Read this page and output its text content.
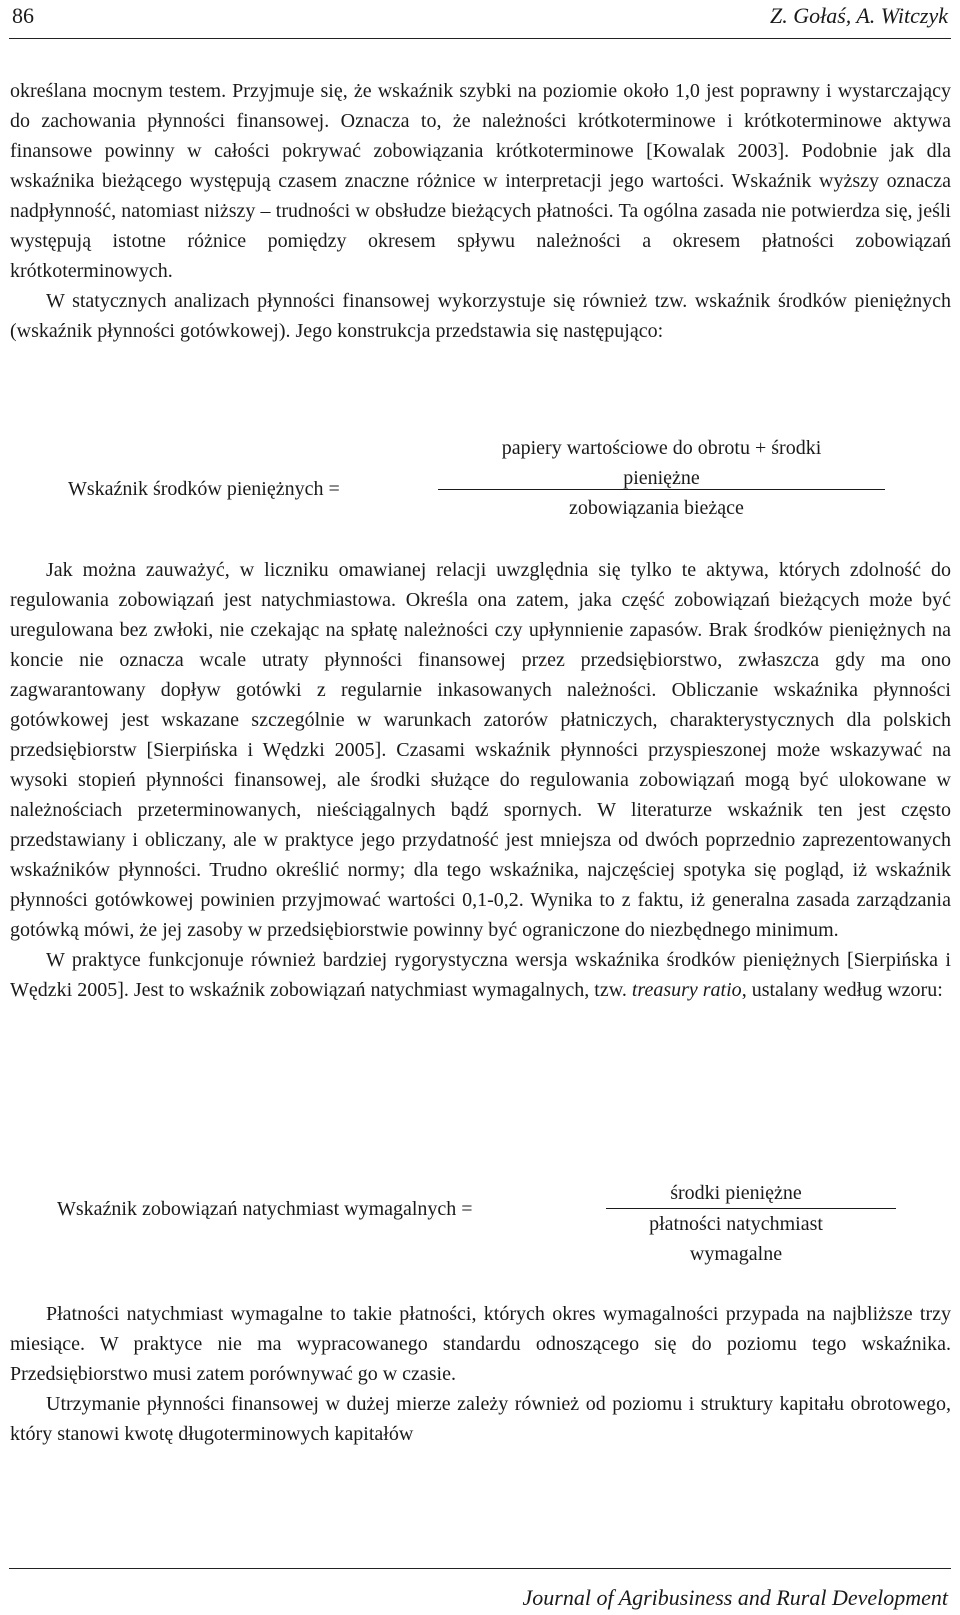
86	Z. Gołaś, A. Witczyk

określana mocnym testem. Przyjmuje się, że wskaźnik szybki na poziomie około 1,0 jest poprawny i wystarczający do zachowania płynności finansowej. Oznacza to, że należności krótkoterminowe i krótkoterminowe aktywa finansowe powinny w całości pokrywać zobowiązania krótkoterminowe [Kowalak 2003]. Podobnie jak dla wskaźnika bieżącego występują czasem znaczne różnice w interpretacji jego wartości. Wskaźnik wyższy oznacza nadpłynność, natomiast niższy – trudności w obsłudze bieżących płatności. Ta ogólna zasada nie potwierdza się, jeśli występują istotne różnice pomiędzy okresem spływu należności a okresem płatności zobowiązań krótkoterminowych.

W statycznych analizach płynności finansowej wykorzystuje się również tzw. wskaźnik środków pieniężnych (wskaźnik płynności gotówkowej). Jego konstrukcja przedstawia się następująco:

Wskaźnik środków pieniężnych =
papiery wartościowe do obrotu + środki
pieniężne
zobowiązania bieżące

Jak można zauważyć, w liczniku omawianej relacji uwzględnia się tylko te aktywa, których zdolność do regulowania zobowiązań jest natychmiastowa. Określa ona zatem, jaka część zobowiązań bieżących może być uregulowana bez zwłoki, nie czekając na spłatę należności czy upłynnienie zapasów. Brak środków pieniężnych na koncie nie oznacza wcale utraty płynności finansowej przez przedsiębiorstwo, zwłaszcza gdy ma ono zagwarantowany dopływ gotówki z regularnie inkasowanych należności. Obliczanie wskaźnika płynności gotówkowej jest wskazane szczególnie w warunkach zatorów płatniczych, charakterystycznych dla polskich przedsiębiorstw [Sierpińska i Wędzki 2005]. Czasami wskaźnik płynności przyspieszonej może wskazywać na wysoki stopień płynności finansowej, ale środki służące do regulowania zobowiązań mogą być ulokowane w należnościach przeterminowanych, nieściągalnych bądź spornych. W literaturze wskaźnik ten jest często przedstawiany i obliczany, ale w praktyce jego przydatność jest mniejsza od dwóch poprzednio zaprezentowanych wskaźników płynności. Trudno określić normy; dla tego wskaźnika, najczęściej spotyka się pogląd, iż wskaźnik płynności gotówkowej powinien przyjmować wartości 0,1-0,2. Wynika to z faktu, iż generalna zasada zarządzania gotówką mówi, że jej zasoby w przedsiębiorstwie powinny być ograniczone do niezbędnego minimum.

W praktyce funkcjonuje również bardziej rygorystyczna wersja wskaźnika środków pieniężnych [Sierpińska i Wędzki 2005]. Jest to wskaźnik zobowiązań natychmiast wymagalnych, tzw. treasury ratio, ustalany według wzoru:

Wskaźnik zobowiązań natychmiast wymagalnych =
środki pieniężne
płatności natychmiast
wymagalne

Płatności natychmiast wymagalne to takie płatności, których okres wymagalności przypada na najbliższe trzy miesiące. W praktyce nie ma wypracowanego standardu odnoszącego się do poziomu tego wskaźnika. Przedsiębiorstwo musi zatem porównywać go w czasie.

Utrzymanie płynności finansowej w dużej mierze zależy również od poziomu i struktury kapitału obrotowego, który stanowi kwotę długoterminowych kapitałów

Journal of Agribusiness and Rural Development
